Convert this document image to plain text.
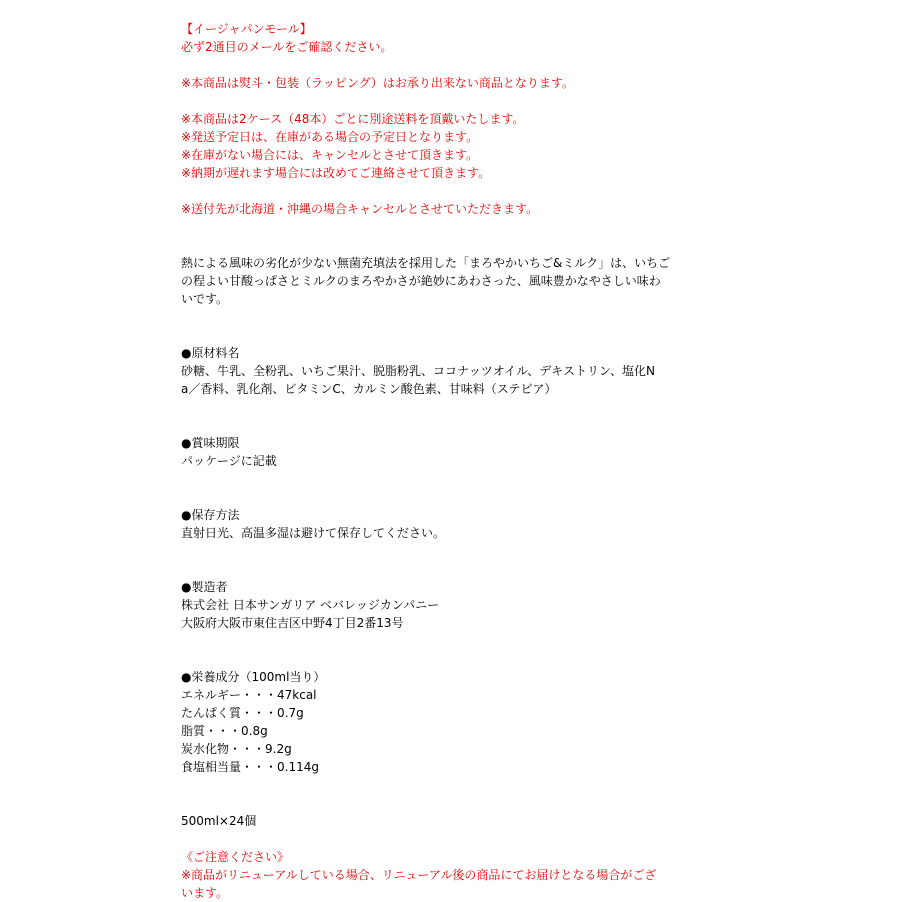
【イージャパンモール】
必ず2通目のメールをご確認ください。
※本商品は熨斗・包装（ラッピング）はお承り出来ない商品となります。
※本商品は2ケース（48本）ごとに別途送料を頂戴いたします。
※発送予定日は、在庫がある場合の予定日となります。
※在庫がない場合には、キャンセルとさせて頂きます。
※納期が遅れます場合には改めてご連絡させて頂きます。
※送付先が北海道・沖縄の場合キャンセルとさせていただきます。
熱による風味の劣化が少ない無菌充填法を採用した「まろやかいちご&ミルク」は、いちご
の程よい甘酸っぱさとミルクのまろやかさが絶妙にあわさった、風味豊かなやさしい味わ
いです。
●原材料名
砂糖、牛乳、全粉乳、いちご果汁、脱脂粉乳、ココナッツオイル、デキストリン、塩化N
a／香料、乳化剤、ビタミンC、カルミン酸色素、甘味料（ステビア）
●賞味期限
パッケージに記載
●保存方法
直射日光、高温多湿は避けて保存してください。
●製造者
株式会社 日本サンガリア ベバレッジカンパニー
大阪府大阪市東住吉区中野4丁目2番13号
●栄養成分（100ml当り）
エネルギー・・・47kcal
たんぱく質・・・0.7g
脂質・・・0.8g
炭水化物・・・9.2g
食塩相当量・・・0.114g
500ml×24個
《ご注意ください》
※商品がリニューアルしている場合、リニューアル後の商品にてお届けとなる場合がござ
います。
